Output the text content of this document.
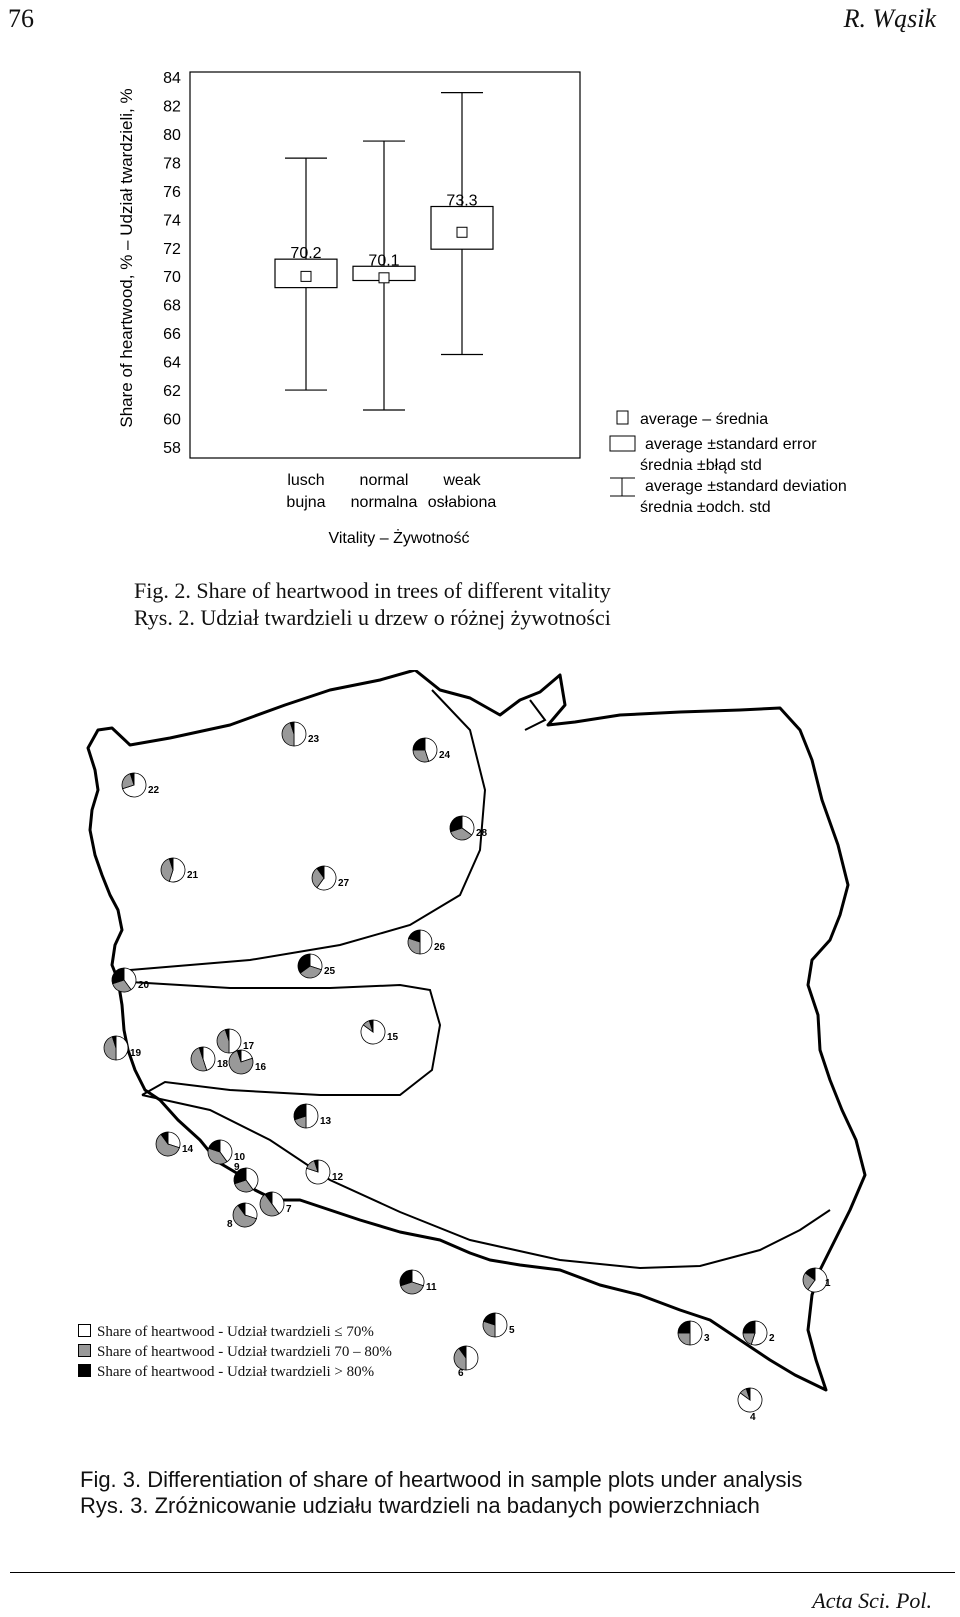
76	R. Wąsik
Share of heartwood, % – Udział twardzieli, %
84
82
80
78
76
74
72
70
68
66
64
62
60
58
70.2	70.1
73.3
lusch
bujna
normal
normalna
weak
osłabiona
Vitality – Żywotność
average – średnia
average ±standard error
średnia ±błąd std
average ±standard deviation
średnia ±odch. std
Fig. 2. Share of heartwood in trees of different vitality
Rys. 2. Udział twardzieli u drzew o różnej żywotności
1
2
3
4
5
6
7
8
9
10
11
12
13
14
15
16
17
18
19
20
21
22
23
24
25
26
27
28
Share of heartwood - Udział twardzieli ≤ 70%
Share of heartwood - Udział twardzieli 70 – 80%
Share of heartwood - Udział twardzieli > 80%
Fig. 3. Differentiation of share of heartwood in sample plots under analysis
Rys. 3. Zróżnicowanie udziału twardzieli na badanych powierzchniach
Acta Sci. Pol.
